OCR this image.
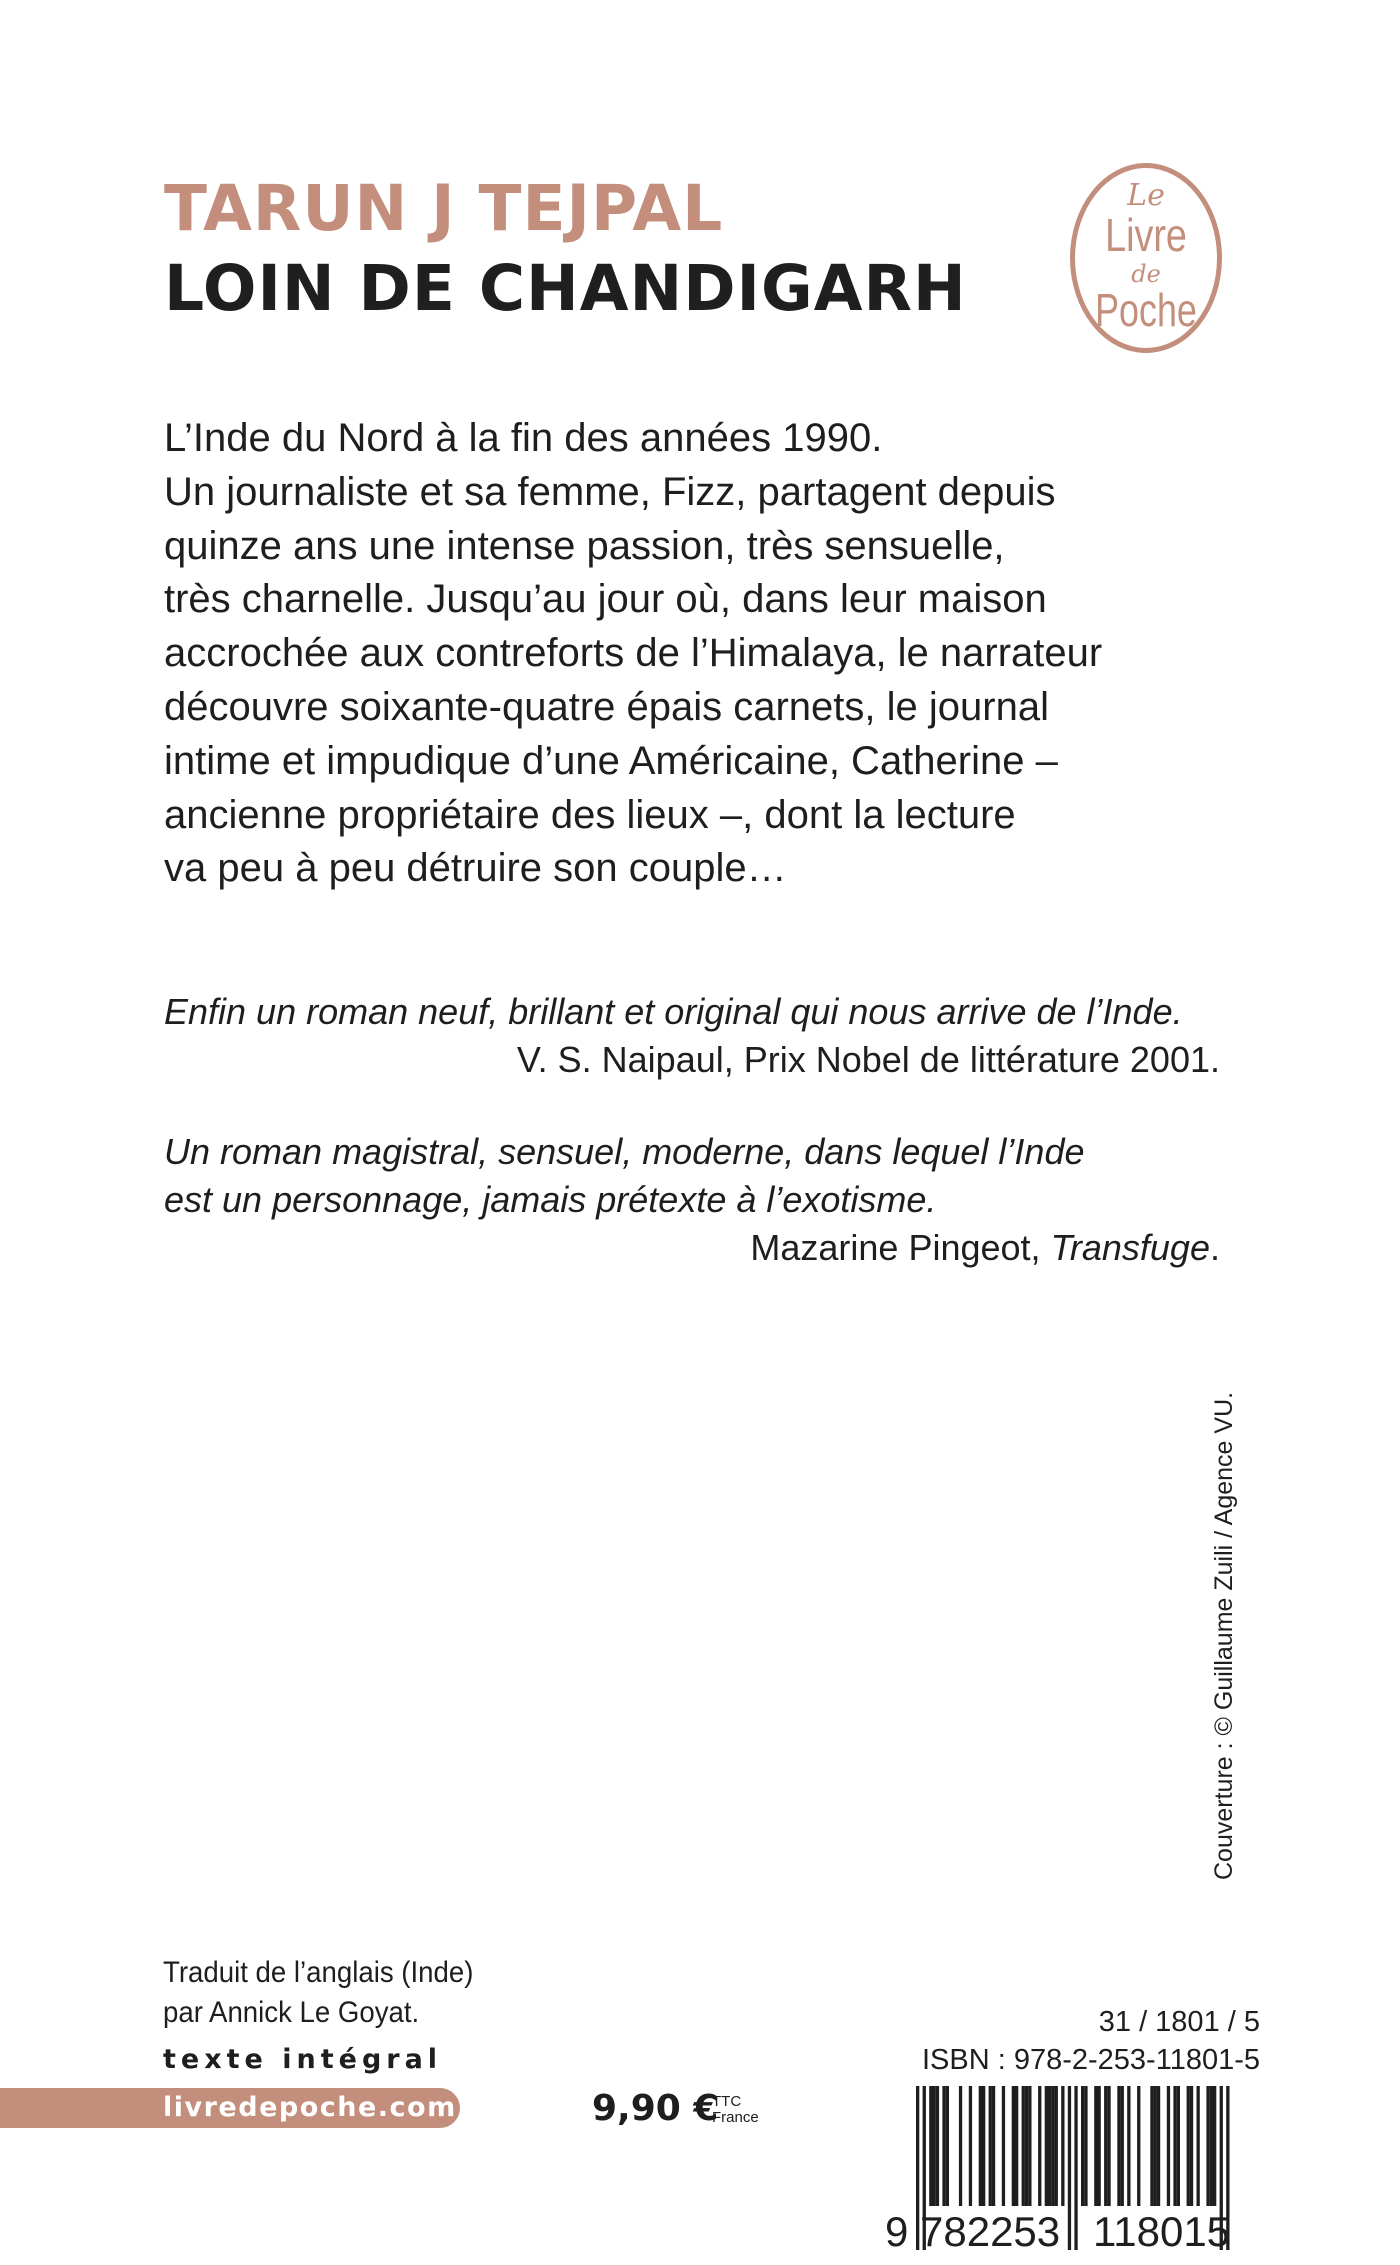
TARUN J TEJPAL
LOIN DE CHANDIGARH
Le
Livre
de
Poche
L’Inde du Nord à la fin des années 1990.
Un journaliste et sa femme, Fizz, partagent depuis
quinze ans une intense passion, très sensuelle,
très charnelle. Jusqu’au jour où, dans leur maison
accrochée aux contreforts de l’Himalaya, le narrateur
découvre soixante-quatre épais carnets, le journal
intime et impudique d’une Américaine, Catherine –
ancienne propriétaire des lieux –, dont la lecture
va peu à peu détruire son couple…
Enfin un roman neuf, brillant et original qui nous arrive de l’Inde.
V. S. Naipaul, Prix Nobel de littérature 2001.
Un roman magistral, sensuel, moderne, dans lequel l’Inde
est un personnage, jamais prétexte à l’exotisme.
Mazarine Pingeot, Transfuge.
Couverture : © Guillaume Zuili / Agence VU.
Traduit de l’anglais (Inde)
par Annick Le Goyat.
texte intégral
livredepoche.com	9,90 €
TTC
France
31 / 1801 / 5
ISBN : 978-2-253-11801-5
9 782253 118015
